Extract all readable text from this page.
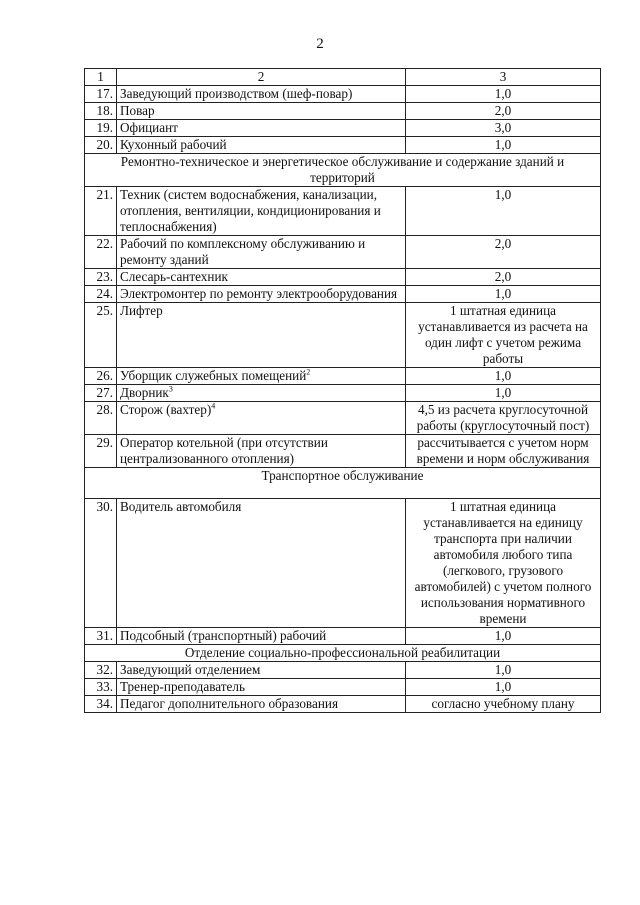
2
1	2	3
17.	Заведующий производством (шеф-повар)	1,0
18.	Повар	2,0
19.	Официант	3,0
20.	Кухонный рабочий	1,0
Ремонтно-техническое и энергетическое обслуживание и содержание зданий и территорий		
21.	Техник (систем водоснабжения, канализации, отопления, вентиляции, кондиционирования и теплоснабжения)	1,0
22.	Рабочий по комплексному обслуживанию и ремонту зданий	2,0
23.	Слесарь-сантехник	2,0
24.	Электромонтер по ремонту электрооборудования	1,0
25.	Лифтер	1 штатная единица устанавливается из расчета на один лифт с учетом режима работы
26.	Уборщик служебных помещений$^2$	1,0
27.	Дворник$^3$	1,0
28.	Сторож (вахтер)$^4$	4,5 из расчета круглосуточной работы (круглосуточный пост)
29.	Оператор котельной (при отсутствии централизованного отопления)	рассчитывается с учетом норм времени и норм обслуживания
Транспортное обслуживание		
30.	Водитель автомобиля	1 штатная единица устанавливается на единицу транспорта при наличии автомобиля любого типа (легкового, грузового автомобилей) с учетом полного использования нормативного времени
31.	Подсобный (транспортный) рабочий	1,0
Отделение социально-профессиональной реабилитации		
32.	Заведующий отделением	1,0
33.	Тренер-преподаватель	1,0
34.	Педагог дополнительного образования	согласно учебному плану
